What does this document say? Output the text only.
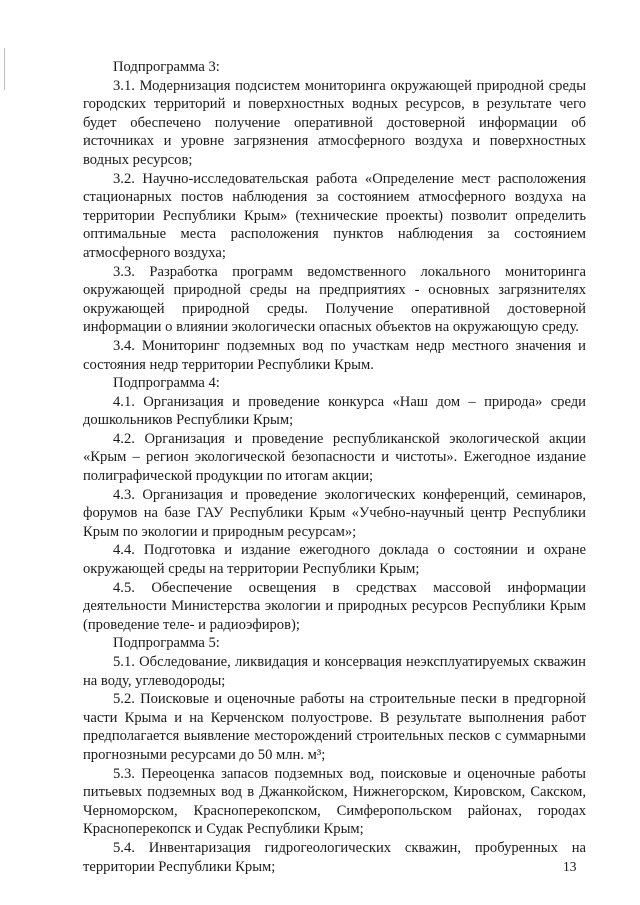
Подпрограмма 3:

3.1. Модернизация подсистем мониторинга окружающей природной среды городских территорий и поверхностных водных ресурсов, в результате чего будет обеспечено получение оперативной достоверной информации об источниках и уровне загрязнения атмосферного воздуха и поверхностных водных ресурсов;

3.2. Научно-исследовательская работа «Определение мест расположения стационарных постов наблюдения за состоянием атмосферного воздуха на территории Республики Крым» (технические проекты) позволит определить оптимальные места расположения пунктов наблюдения за состоянием атмосферного воздуха;

3.3. Разработка программ ведомственного локального мониторинга окружающей природной среды на предприятиях - основных загрязнителях окружающей природной среды. Получение оперативной достоверной информации о влиянии экологически опасных объектов на окружающую среду.

3.4. Мониторинг подземных вод по участкам недр местного значения и состояния недр территории Республики Крым.

Подпрограмма 4:

4.1. Организация и проведение конкурса «Наш дом – природа» среди дошкольников Республики Крым;

4.2. Организация и проведение республиканской экологической акции «Крым – регион экологической безопасности и чистоты». Ежегодное издание полиграфической продукции по итогам акции;

4.3. Организация и проведение экологических конференций, семинаров, форумов на базе ГАУ Республики Крым «Учебно-научный центр Республики Крым по экологии и природным ресурсам»;

4.4. Подготовка и издание ежегодного доклада о состоянии и охране окружающей среды на территории Республики Крым;

4.5. Обеспечение освещения в средствах массовой информации деятельности Министерства экологии и природных ресурсов Республики Крым (проведение теле- и радиоэфиров);

Подпрограмма 5:

5.1. Обследование, ликвидация и консервация неэксплуатируемых скважин на воду, углеводороды;

5.2. Поисковые и оценочные работы на строительные пески в предгорной части Крыма и на Керченском полуострове. В результате выполнения работ предполагается выявление месторождений строительных песков с суммарными прогнозными ресурсами до 50 млн. м³;

5.3. Переоценка запасов подземных вод, поисковые и оценочные работы питьевых подземных вод в Джанкойском, Нижнегорском, Кировском, Сакском, Черноморском, Красноперекопском, Симферопольском районах, городах Красноперекопск и Судак Республики Крым;

5.4. Инвентаризация гидрогеологических скважин, пробуренных на территории Республики Крым;	13
